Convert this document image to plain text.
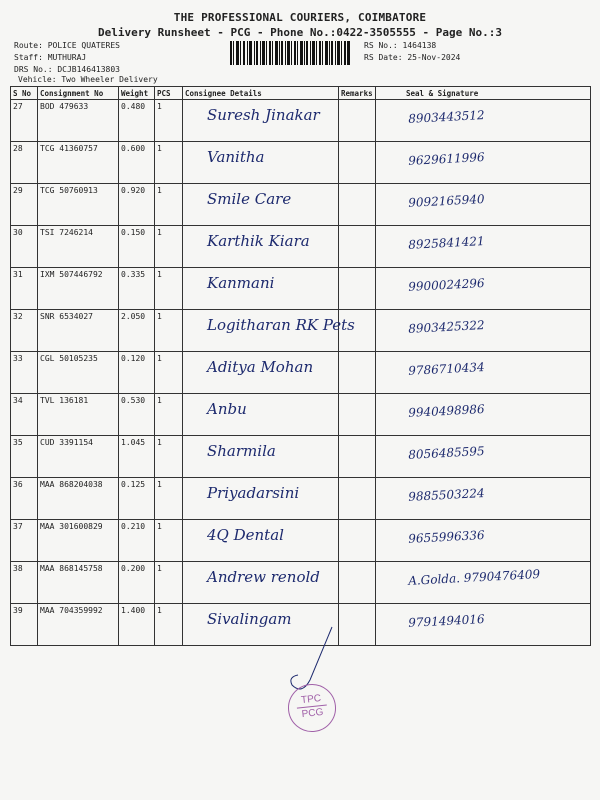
THE PROFESSIONAL COURIERS, COIMBATORE
Delivery Runsheet - PCG - Phone No.:0422-3505555 - Page No.:3
Route: POLICE QUATERES
Staff: MUTHURAJ
DRS No.: DCJB146413803
Vehicle: Two Wheeler Delivery
RS No.: 1464138
RS Date: 25-Nov-2024
S No	Consignment No	Weight	PCS	Consignee Details	Remarks	Seal & Signature
27	BOD 479633	0.480	1	Suresh Jinakar		8903443512

28	TCG 41360757	0.600	1	Vanitha		9629611996

29	TCG 50760913	0.920	1	Smile Care		9092165940

30	TSI 7246214	0.150	1	Karthik Kiara		8925841421

31	IXM 507446792	0.335	1	Kanmani		9900024296

32	SNR 6534027	2.050	1	Logitharan RK Pets		8903425322

33	CGL 50105235	0.120	1	Aditya Mohan		9786710434

34	TVL 136181	0.530	1	Anbu		9940498986

35	CUD 3391154	1.045	1	Sharmila		8056485595

36	MAA 868204038	0.125	1	Priyadarsini		9885503224

37	MAA 301600829	0.210	1	4Q Dental		9655996336

38	MAA 868145758	0.200	1	Andrew renold		A.Golda. 9790476409

39	MAA 704359992	1.400	1	Sivalingam		9791494016
TPC
PCG
